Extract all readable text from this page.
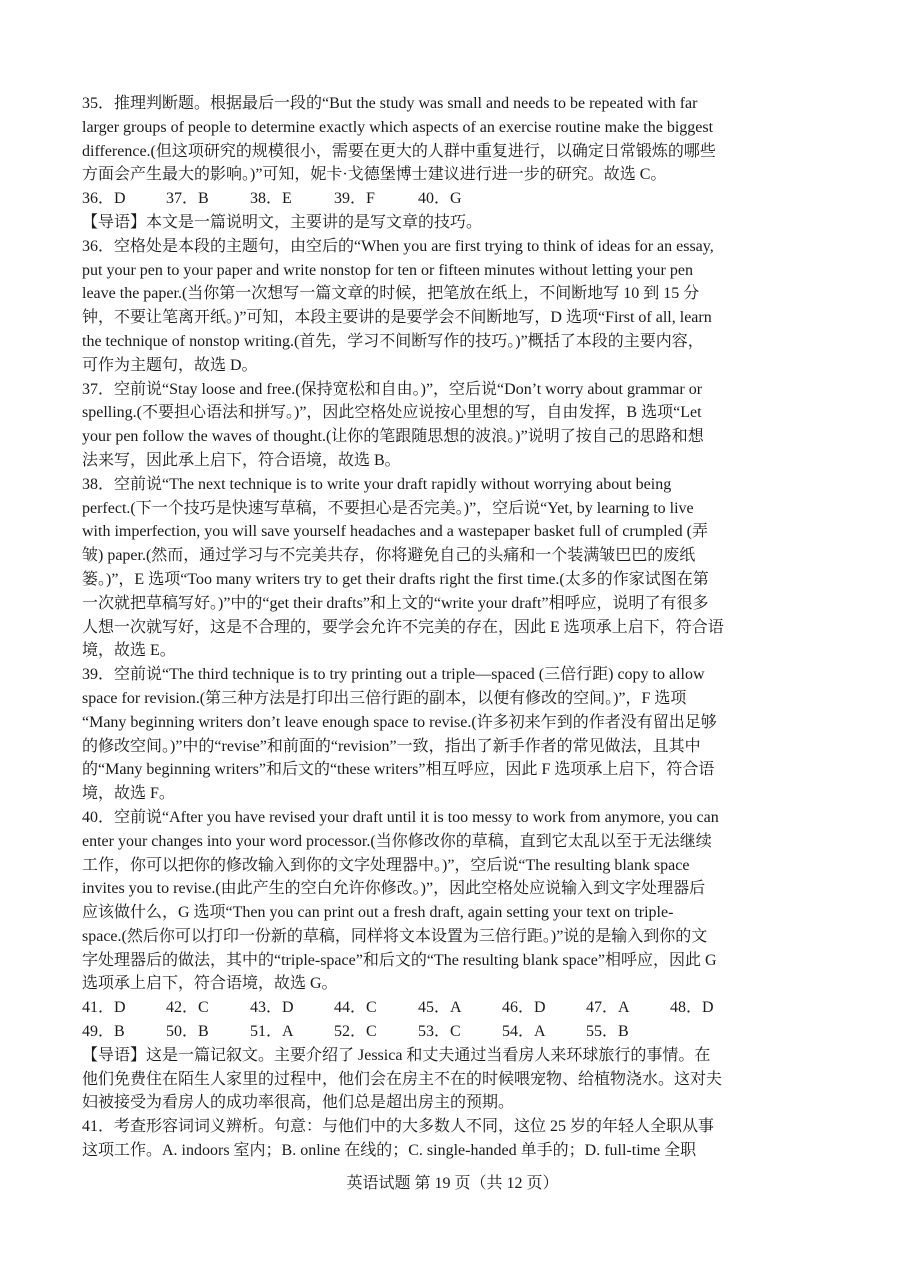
35．推理判断题。根据最后一段的“But the study was small and needs to be repeated with far
larger groups of people to determine exactly which aspects of an exercise routine make the biggest
difference.(但这项研究的规模很小，需要在更大的人群中重复进行，以确定日常锻炼的哪些
方面会产生最大的影响。)”可知，妮卡·戈德堡博士建议进行进一步的研究。故选 C。
36．D	37．B	38．E	39．F	40．G
【导语】本文是一篇说明文，主要讲的是写文章的技巧。
36．空格处是本段的主题句，由空后的“When you are first trying to think of ideas for an essay,
put your pen to your paper and write nonstop for ten or fifteen minutes without letting your pen
leave the paper.(当你第一次想写一篇文章的时候，把笔放在纸上，不间断地写 10 到 15 分
钟，不要让笔离开纸。)”可知，本段主要讲的是要学会不间断地写，D 选项“First of all, learn
the technique of nonstop writing.(首先，学习不间断写作的技巧。)”概括了本段的主要内容，
可作为主题句，故选 D。
37．空前说“Stay loose and free.(保持宽松和自由。)”，空后说“Don’t worry about grammar or
spelling.(不要担心语法和拼写。)”，因此空格处应说按心里想的写，自由发挥，B 选项“Let
your pen follow the waves of thought.(让你的笔跟随思想的波浪。)”说明了按自己的思路和想
法来写，因此承上启下，符合语境，故选 B。
38．空前说“The next technique is to write your draft rapidly without worrying about being
perfect.(下一个技巧是快速写草稿，不要担心是否完美。)”，空后说“Yet, by learning to live
with imperfection, you will save yourself headaches and a wastepaper basket full of crumpled (弄
皱) paper.(然而，通过学习与不完美共存，你将避免自己的头痛和一个装满皱巴巴的废纸
篓。)”，E 选项“Too many writers try to get their drafts right the first time.(太多的作家试图在第
一次就把草稿写好。)”中的“get their drafts”和上文的“write your draft”相呼应，说明了有很多
人想一次就写好，这是不合理的，要学会允许不完美的存在，因此 E 选项承上启下，符合语
境，故选 E。
39．空前说“The third technique is to try printing out a triple—spaced (三倍行距) copy to allow
space for revision.(第三种方法是打印出三倍行距的副本，以便有修改的空间。)”，F 选项
“Many beginning writers don’t leave enough space to revise.(许多初来乍到的作者没有留出足够
的修改空间。)”中的“revise”和前面的“revision”一致，指出了新手作者的常见做法，且其中
的“Many beginning writers”和后文的“these writers”相互呼应，因此 F 选项承上启下，符合语
境，故选 F。
40．空前说“After you have revised your draft until it is too messy to work from anymore, you can
enter your changes into your word processor.(当你修改你的草稿，直到它太乱以至于无法继续
工作，你可以把你的修改输入到你的文字处理器中。)”，空后说“The resulting blank space
invites you to revise.(由此产生的空白允许你修改。)”，因此空格处应说输入到文字处理器后
应该做什么，G 选项“Then you can print out a fresh draft, again setting your text on triple-
space.(然后你可以打印一份新的草稿，同样将文本设置为三倍行距。)”说的是输入到你的文
字处理器后的做法，其中的“triple-space”和后文的“The resulting blank space”相呼应，因此 G
选项承上启下，符合语境，故选 G。
41．D	42．C	43．D	44．C	45．A	46．D	47．A	48．D
49．B	50．B	51．A	52．C	53．C	54．A	55．B
【导语】这是一篇记叙文。主要介绍了 Jessica 和丈夫通过当看房人来环球旅行的事情。在
他们免费住在陌生人家里的过程中，他们会在房主不在的时候喂宠物、给植物浇水。这对夫
妇被接受为看房人的成功率很高，他们总是超出房主的预期。
41．考查形容词词义辨析。句意：与他们中的大多数人不同，这位 25 岁的年轻人全职从事
这项工作。A. indoors 室内；B. online 在线的；C. single-handed 单手的；D. full-time 全职
英语试题 第 19 页（共 12 页）
